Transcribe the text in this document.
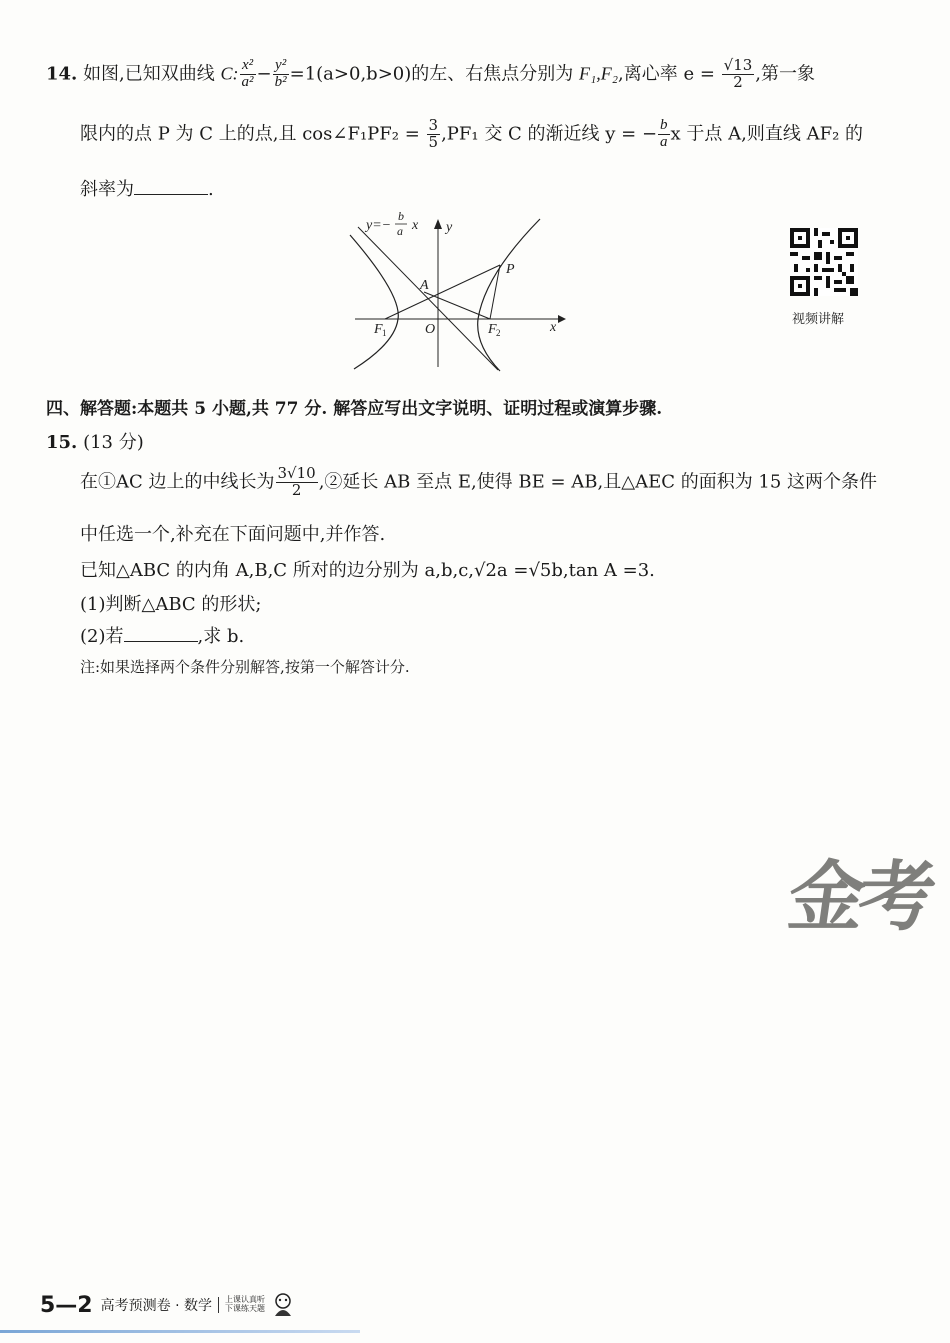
14. 如图,已知双曲线 C: $\frac{\text{x²}}{\text{a²}} - \frac{\text{y²}}{\text{b²}} =1(a>0,b>0)$的左、右焦点分别为 F₁,F₂,离心率 $e = \frac{√13}{2}$ ,第一象
限内的点 P 为 C 上的点,且 cos∠F₁PF₂ = $\frac{3}{5} ,PF_1$ 交 C 的渐近线 y = − $\frac{b}{a}$ x 于点 A,则直线 AF₂ 的
斜率为	.
y=−
b
a x y
x
P
A
O
F 1	F 2
视频讲解
四、解答题:本题共 5 小题,共 77 分. 解答应写出文字说明、证明过程或演算步骤.
15. (13 分)
在①AC 边上的中线长为 $\frac{3√10}{2}$ ,②延长 AB 至点 E,使得 BE = AB,且△AEC 的面积为 15 这两个条件
中任选一个,补充在下面问题中,并作答.
已知△ABC 的内角 A,B,C 所对的边分别为 a,b,c,√2a =√5b,tan A =3.
(1)判断△ABC 的形状;
(2)若	,求 b.
注:如果选择两个条件分别解答,按第一个解答计分.
金考
5—2 高考预测卷 · 数学 上课认真听
下课练天题
